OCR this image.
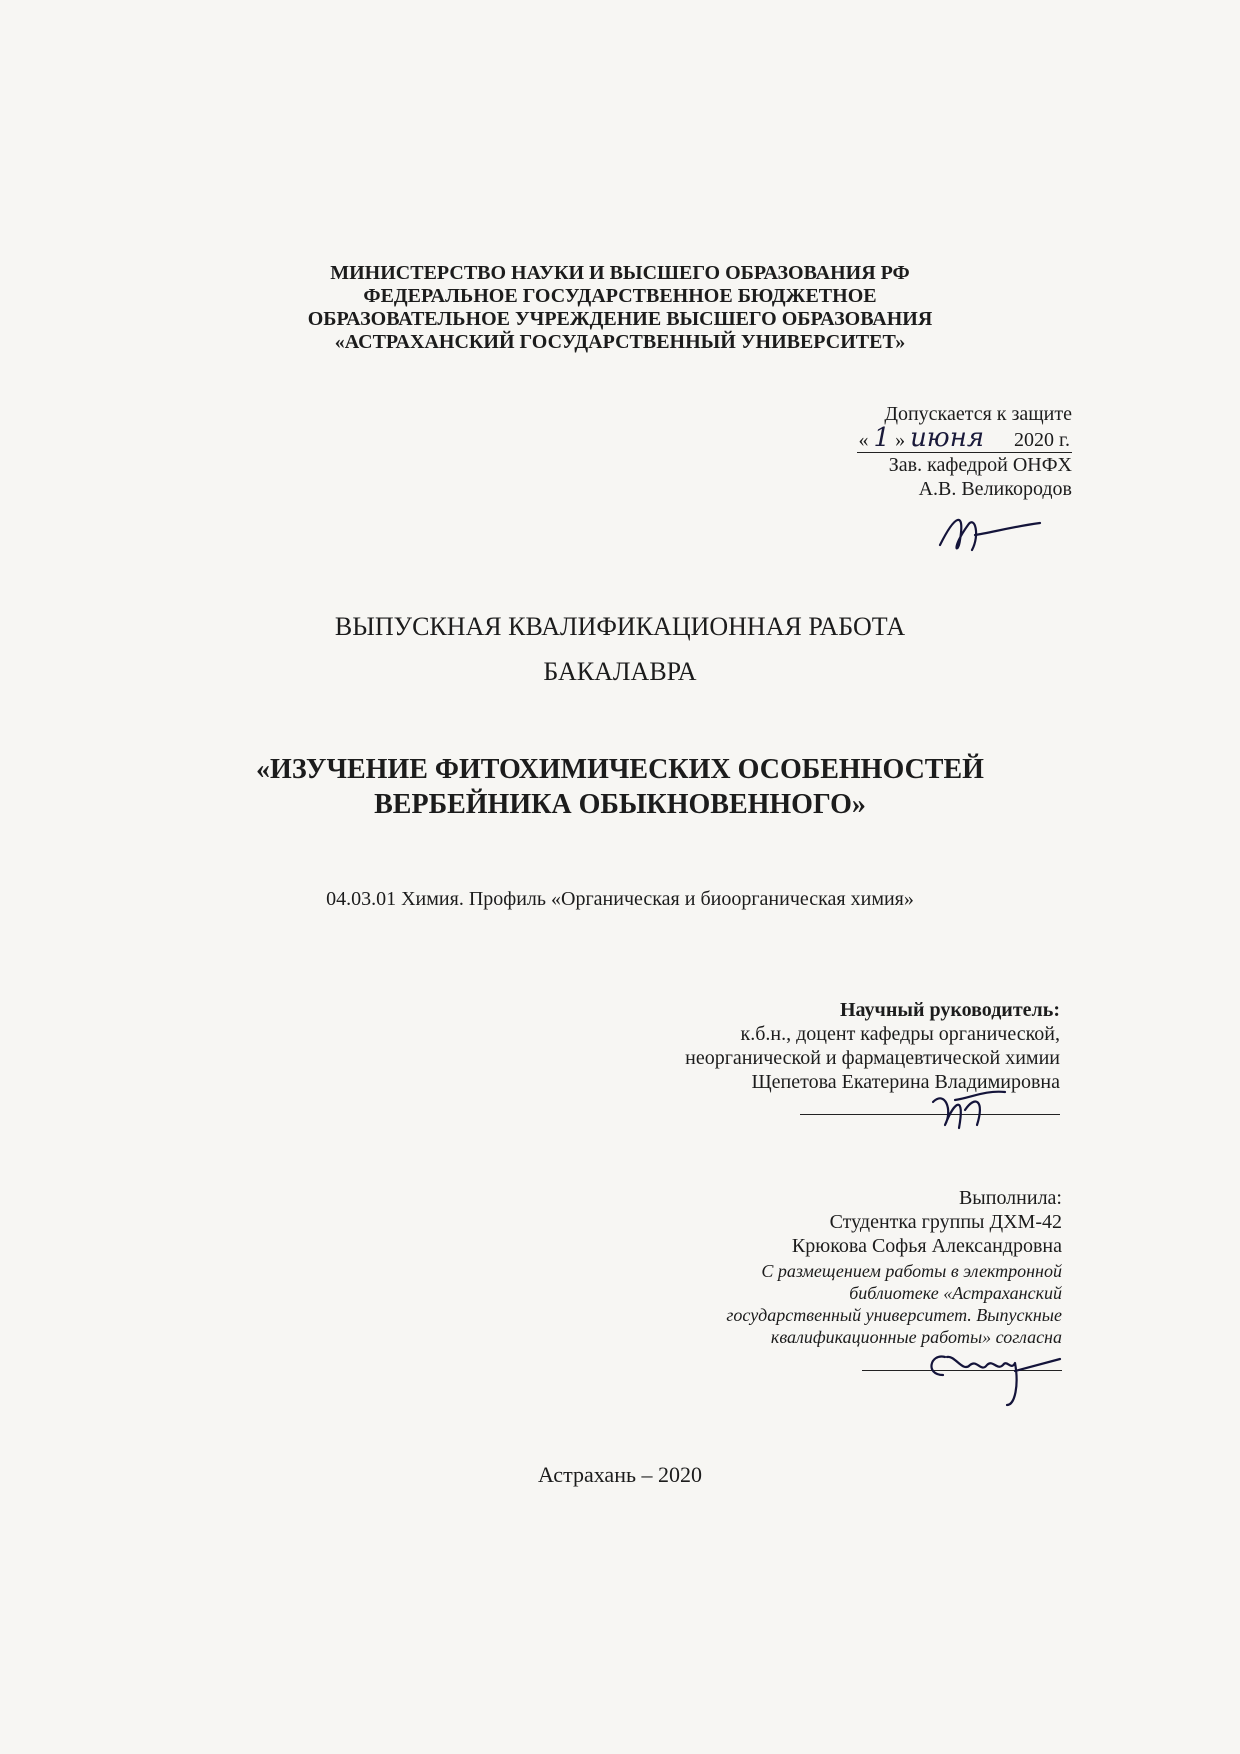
МИНИСТЕРСТВО НАУКИ И ВЫСШЕГО ОБРАЗОВАНИЯ РФ
ФЕДЕРАЛЬНОЕ ГОСУДАРСТВЕННОЕ БЮДЖЕТНОЕ
ОБРАЗОВАТЕЛЬНОЕ УЧРЕЖДЕНИЕ ВЫСШЕГО ОБРАЗОВАНИЯ
«АСТРАХАНСКИЙ ГОСУДАРСТВЕННЫЙ УНИВЕРСИТЕТ»
Допускается к защите
« 1 » июня 2020 г.
Зав. кафедрой ОНФХ
А.В. Великородов
ВЫПУСКНАЯ КВАЛИФИКАЦИОННАЯ РАБОТА
БАКАЛАВРА
«ИЗУЧЕНИЕ ФИТОХИМИЧЕСКИХ ОСОБЕННОСТЕЙ
ВЕРБЕЙНИКА ОБЫКНОВЕННОГО»
04.03.01 Химия. Профиль «Органическая и биоорганическая химия»
Научный руководитель:
к.б.н., доцент кафедры органической,
неорганической и фармацевтической химии
Щепетова Екатерина Владимировна
Выполнила:
Студентка группы ДХМ-42
Крюкова Софья Александровна
С размещением работы в электронной
библиотеке «Астраханский
государственный университет. Выпускные
квалификационные работы» согласна
Астрахань – 2020
